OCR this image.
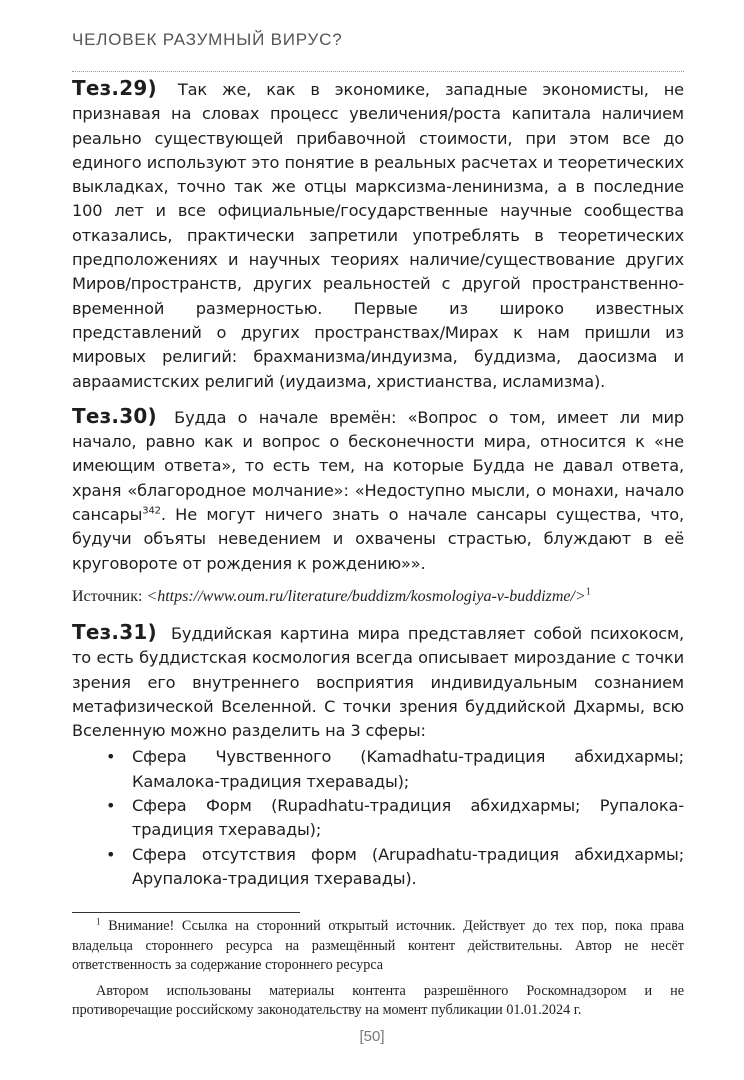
ЧЕЛОВЕК РАЗУМНЫЙ ВИРУС?

Тез.29) Так же, как в экономике, западные экономисты, не признавая на словах процесс увеличения/роста капитала наличием реально существующей прибавочной стоимости, при этом все до единого используют это понятие в реальных расчетах и теоретических выкладках, точно так же отцы марксизма-ленинизма, а в последние 100 лет и все официальные/государственные научные сообщества отказались, практически запретили употреблять в теоретических предположениях и научных теориях наличие/существование других Миров/пространств, других реальностей с другой пространственно-временной размерностью. Первые из широко известных представлений о других пространствах/Мирах к нам пришли из мировых религий: брахманизма/индуизма, буддизма, даосизма и авраамистских религий (иудаизма, христианства, исламизма).

Тез.30) Будда о начале времён: «Вопрос о том, имеет ли мир начало, равно как и вопрос о бесконечности мира, относится к «не имеющим ответа», то есть тем, на которые Будда не давал ответа, храня «благородное молчание»: «Недоступно мысли, о монахи, начало сансары$^{342}$. Не могут ничего знать о начале сансары существа, что, будучи объяты неведением и охвачены страстью, блуждают в её круговороте от рождения к рождению»».

Источник: <https://www.oum.ru/literature/buddizm/kosmologiya-v-buddizme/>$^1$

Тез.31) Буддийская картина мира представляет собой психокосм, то есть буддистская космология всегда описывает мироздание с точки зрения его внутреннего восприятия индивидуальным сознанием метафизической Вселенной. С точки зрения буддийской Дхармы, всю Вселенную можно разделить на 3 сферы:

• Сфера Чувственного (Kamadhatu-традиция абхидхармы; Камалока-традиция тхеравады);
• Сфера Форм (Rupadhatu-традиция абхидхармы; Рупалока-традиция тхеравады);
• Сфера отсутствия форм (Arupadhatu-традиция абхидхармы; Арупалока-традиция тхеравады).

$^1$ Внимание! Ссылка на сторонний открытый источник. Действует до тех пор, пока права владельца стороннего ресурса на размещённый контент действительны. Автор не несёт ответственность за содержание стороннего ресурса

Автором использованы материалы контента разрешённого Роскомнадзором и не противоречащие российскому законодательству на момент публикации 01.01.2024 г.

[50]
